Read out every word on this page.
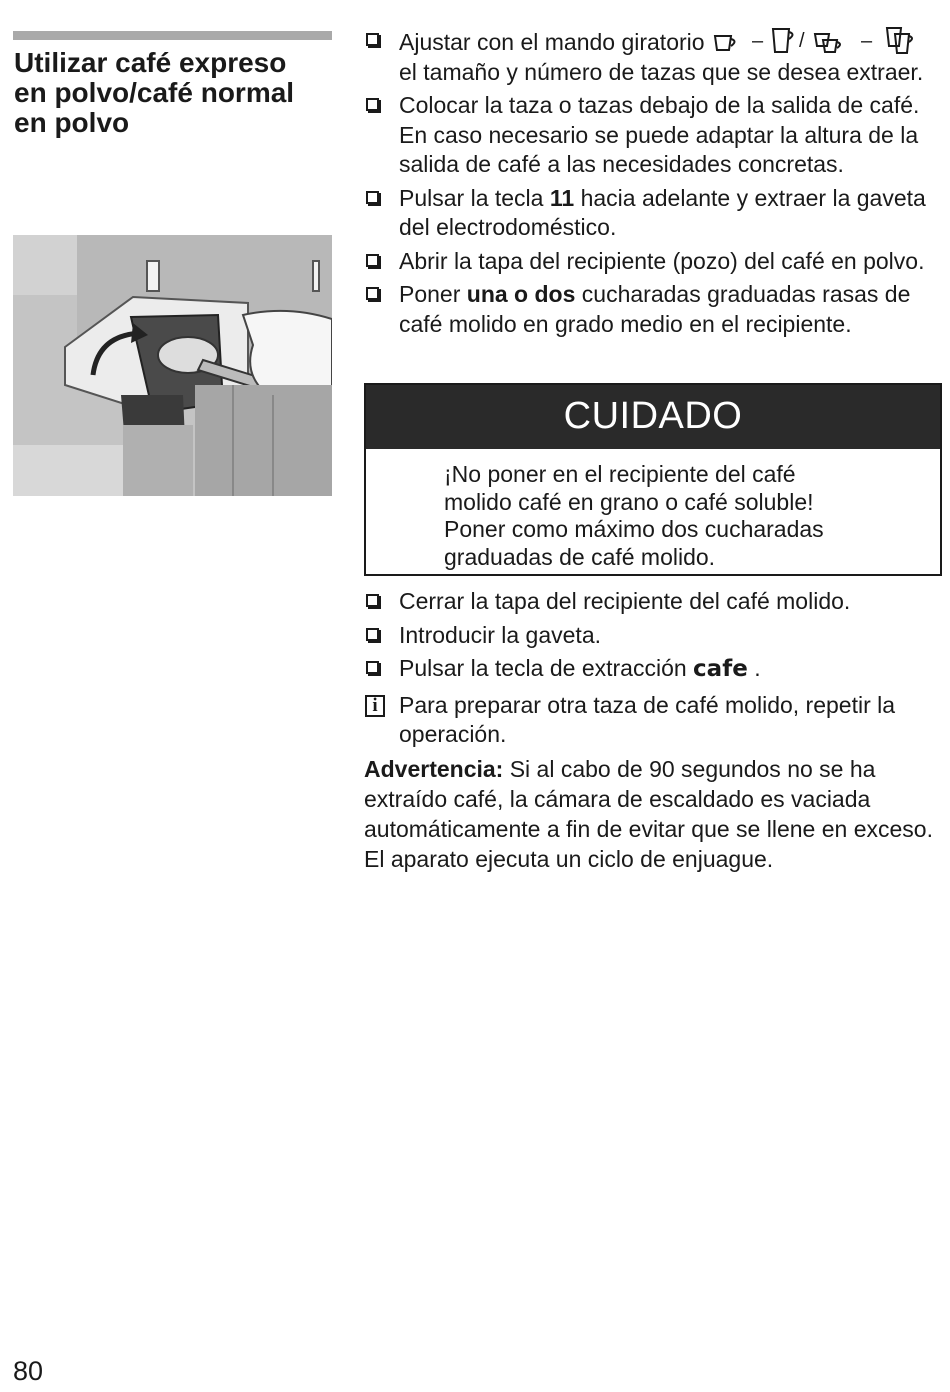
Utilizar café expreso
en polvo/café normal
en polvo
Ajustar con el mando giratorio – /	–

el tamaño y número de tazas que se desea extraer.
Colocar la taza o tazas debajo de la salida de café. En caso necesario se puede adaptar la altura de la salida de café a las necesidades concretas.
Pulsar la tecla 11 hacia adelante y extraer la gaveta del electrodoméstico.
Abrir la tapa del recipiente (pozo) del café en polvo.
Poner una o dos cucharadas graduadas rasas de café molido en grado medio en el recipiente.
CUIDADO
¡No poner en el recipiente del café
molido café en grano o café soluble!
Poner como máximo dos cucharadas
graduadas de café molido.
Cerrar la tapa del recipiente del café molido.
Introducir la gaveta.
Pulsar la tecla de extracción cafe .
i Para preparar otra taza de café molido, repetir la operación.
Advertencia: Si al cabo de 90 segundos no se ha extraído café, la cámara de escaldado es vaciada automáticamente a fin de evitar que se llene en exceso. El aparato ejecuta un ciclo de enjuague.
80
